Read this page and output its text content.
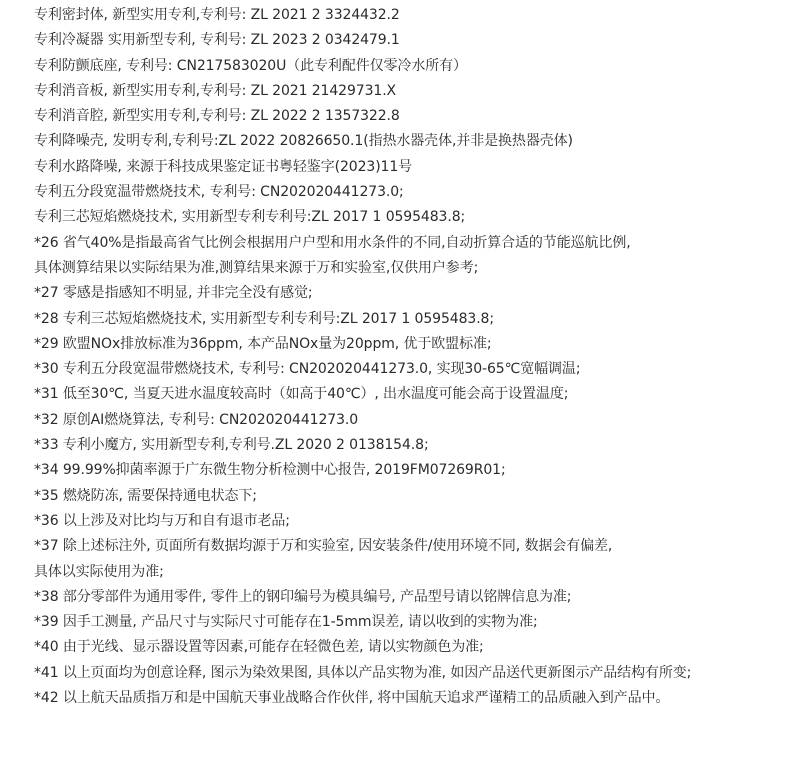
专利密封体, 新型实用专利,专利号: ZL 2021 2 3324432.2
专利冷凝器 实用新型专利, 专利号: ZL 2023 2 0342479.1
专利防颤底座, 专利号: CN217583020U（此专利配件仅零冷水所有）
专利消音板, 新型实用专利,专利号: ZL 2021 21429731.X
专利消音腔, 新型实用专利,专利号: ZL 2022 2 1357322.8
专利降噪壳, 发明专利,专利号:ZL 2022 20826650.1(指热水器壳体,并非是换热器壳体)
专利水路降噪, 来源于科技成果鉴定证书粤轻鉴字(2023)11号
专利五分段宽温带燃烧技术, 专利号: CN202020441273.0;
专利三芯短焰燃烧技术, 实用新型专利专利号:ZL 2017 1 0595483.8;
*26 省气40%是指最高省气比例会根据用户户型和用水条件的不同,自动折算合适的节能巡航比例,
具体测算结果以实际结果为准,测算结果来源于万和实验室,仅供用户参考;
*27 零感是指感知不明显, 并非完全没有感觉;
*28 专利三芯短焰燃烧技术, 实用新型专利专利号:ZL 2017 1 0595483.8;
*29 欧盟NOx排放标准为36ppm, 本产品NOx量为20ppm, 优于欧盟标准;
*30 专利五分段宽温带燃烧技术, 专利号: CN202020441273.0, 实现30-65℃宽幅调温;
*31 低至30℃, 当夏天进水温度较高时（如高于40℃）, 出水温度可能会高于设置温度;
*32 原创AI燃烧算法, 专利号: CN202020441273.0
*33 专利小魔方, 实用新型专利,专利号.ZL 2020 2 0138154.8;
*34 99.99%抑菌率源于广东微生物分析检测中心报告, 2019FM07269R01;
*35 燃烧防冻, 需要保持通电状态下;
*36 以上涉及对比均与万和自有退市老品;
*37 除上述标注外, 页面所有数据均源于万和实验室, 因安装条件/使用环境不同, 数据会有偏差,
具体以实际使用为准;
*38 部分零部件为通用零件, 零件上的钢印编号为模具编号, 产品型号请以铭牌信息为准;
*39 因手工测量, 产品尺寸与实际尺寸可能存在1-5mm误差, 请以收到的实物为准;
*40 由于光线、显示器设置等因素,可能存在轻微色差, 请以实物颜色为准;
*41 以上页面均为创意诠释, 图示为染效果图, 具体以产品实物为准, 如因产品送代更新图示产品结构有所变;
*42 以上航天品质指万和是中国航天事业战略合作伙伴, 将中国航天追求严谨精工的品质融入到产品中。
